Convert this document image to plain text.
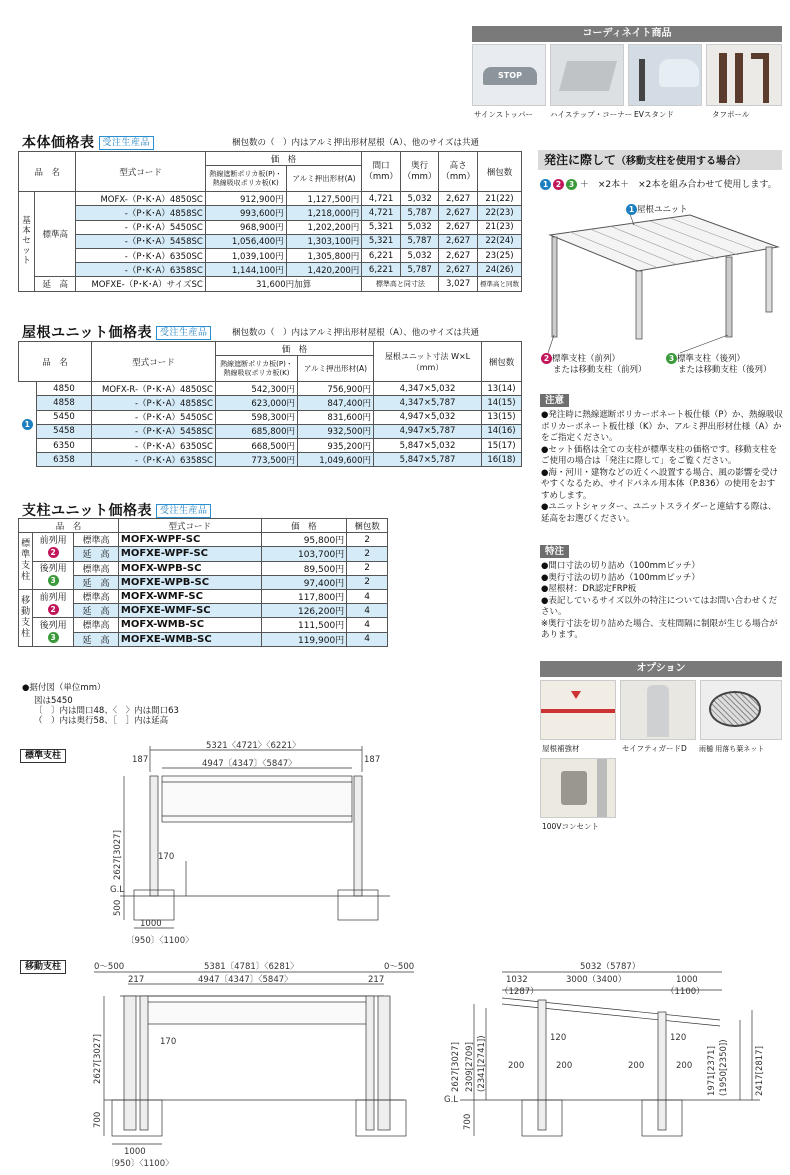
コーディネイト商品
STOP
サインストッパー ハイステップ・コーナー EVスタンド	タフポール
本体価格表 受注生産品	梱包数の（　）内はアルミ押出形材屋根（A）、他のサイズは共通
品　名		型式コード	価　格		間口（mm）	奥行（mm）	高さ（mm）	梱包数
			熱線遮断ポリカ板(P)・熱線吸収ポリカ板(K)	アルミ押出形材(A)				
基本セット	標準高	MOFX-（P･K･A）4850SC	912,900円	1,127,500円	4,721	5,032	2,627	21(22)
		-（P･K･A）4858SC	993,600円	1,218,000円	4,721	5,787	2,627	22(23)
		-（P･K･A）5450SC	968,900円	1,202,200円	5,321	5,032	2,627	21(23)
		-（P･K･A）5458SC	1,056,400円	1,303,100円	5,321	5,787	2,627	22(24)
		-（P･K･A）6350SC	1,039,100円	1,305,800円	6,221	5,032	2,627	23(25)
		-（P･K･A）6358SC	1,144,100円	1,420,200円	6,221	5,787	2,627	24(26)
	延　高	MOFXE-（P･K･A）サイズSC	31,600円加算		標準高と同寸法		3,027	標準高と同数
屋根ユニット価格表 受注生産品	梱包数の（　）内はアルミ押出形材屋根（A）、他のサイズは共通
品　名		型式コード	価　格		屋根ユニット寸法 W×L（mm）	梱包数
			熱線遮断ポリカ板(P)・熱線吸収ポリカ板(K)	アルミ押出形材(A)		
1	4850	MOFX-R-（P･K･A）4850SC	542,300円	756,900円	4,347×5,032	13(14)
	4858	-（P･K･A）4858SC	623,000円	847,400円	4,347×5,787	14(15)
	5450	-（P･K･A）5450SC	598,300円	831,600円	4,947×5,032	13(15)
	5458	-（P･K･A）5458SC	685,800円	932,500円	4,947×5,787	14(16)
	6350	-（P･K･A）6350SC	668,500円	935,200円	5,847×5,032	15(17)
	6358	-（P･K･A）6358SC	773,500円	1,049,600円	5,847×5,787	16(18)
支柱ユニット価格表 受注生産品
品　名			型式コード	価　格	梱包数
標準支柱	前列用
2	標準高	MOFX-WPF-SC	95,800円	2
		延　高	MOFXE-WPF-SC	103,700円	2

	後列用
3	標準高	MOFX-WPB-SC	89,500円	2
		延　高	MOFXE-WPB-SC	97,400円	2
移動支柱	前列用
2	標準高	MOFX-WMF-SC	117,800円	4
		延　高	MOFXE-WMF-SC	126,200円	4

	後列用
3	標準高	MOFX-WMB-SC	111,500円	4
		延　高	MOFXE-WMB-SC	119,900円	4
発注に際して（移動支柱を使用する場合）
1 2 3 ＋　×2本＋　×2本を組み合わせて使用します。
1 屋根ユニット
2 標準支柱（前列）
または移動支柱（前列）
3 標準支柱（後列）
または移動支柱（後列）
注意
●発注時に熱線遮断ポリカーボネート板仕様（P）か、熱線吸収ポリカーボネート板仕様（K）か、アルミ押出形材仕様（A）かをご指定ください。
●セット価格は全ての支柱が標準支柱の価格です。移動支柱をご使用の場合は「発注に際して」をご覧ください。
●海・河川・建物などの近くへ設置する場合、風の影響を受けやすくなるため、サイドパネル用本体（P.836）の使用をおすすめします。
●ユニットシャッター、ユニットスライダーと連結する際は、延高をお選びください。
特注
●間口寸法の切り詰め（100mmピッチ）
●奥行寸法の切り詰め（100mmピッチ）
●屋根材：DR認定FRP板
●表記しているサイズ以外の特注についてはお問い合わせください。
※奥行寸法を切り詰めた場合、支柱間隔に制限が生じる場合があります。
オプション
屋根補強材	セイフティガードD 雨樋 用落ち葉ネット
100Vコンセント
●据付図（単位mm）
図は5450
〔　〕内は間口48、〈　〉内は間口63
（　）内は奥行58、［　］内は延高
標準支柱
5321〈4721〉〈6221〉
4947〔4347〕〈5847〉
187	187
170
2627[3027]
G.L
500
1000
〔950〕〈1100〉
移動支柱	0～500	0～500
5381〔4781〕〈6281〉
4947〔4347〕〈5847〉
217	217
170
2627[3027]
700
1000
〔950〕〈1100〉
5032（5787）
1032
（1287）
3000（3400）	1000
（1100）
120	120
200	200	200	200
2627[3027] 2309[2709] (2341[2741])	1971[2371] (1950[2350])	2417[2817]
700
G.L
